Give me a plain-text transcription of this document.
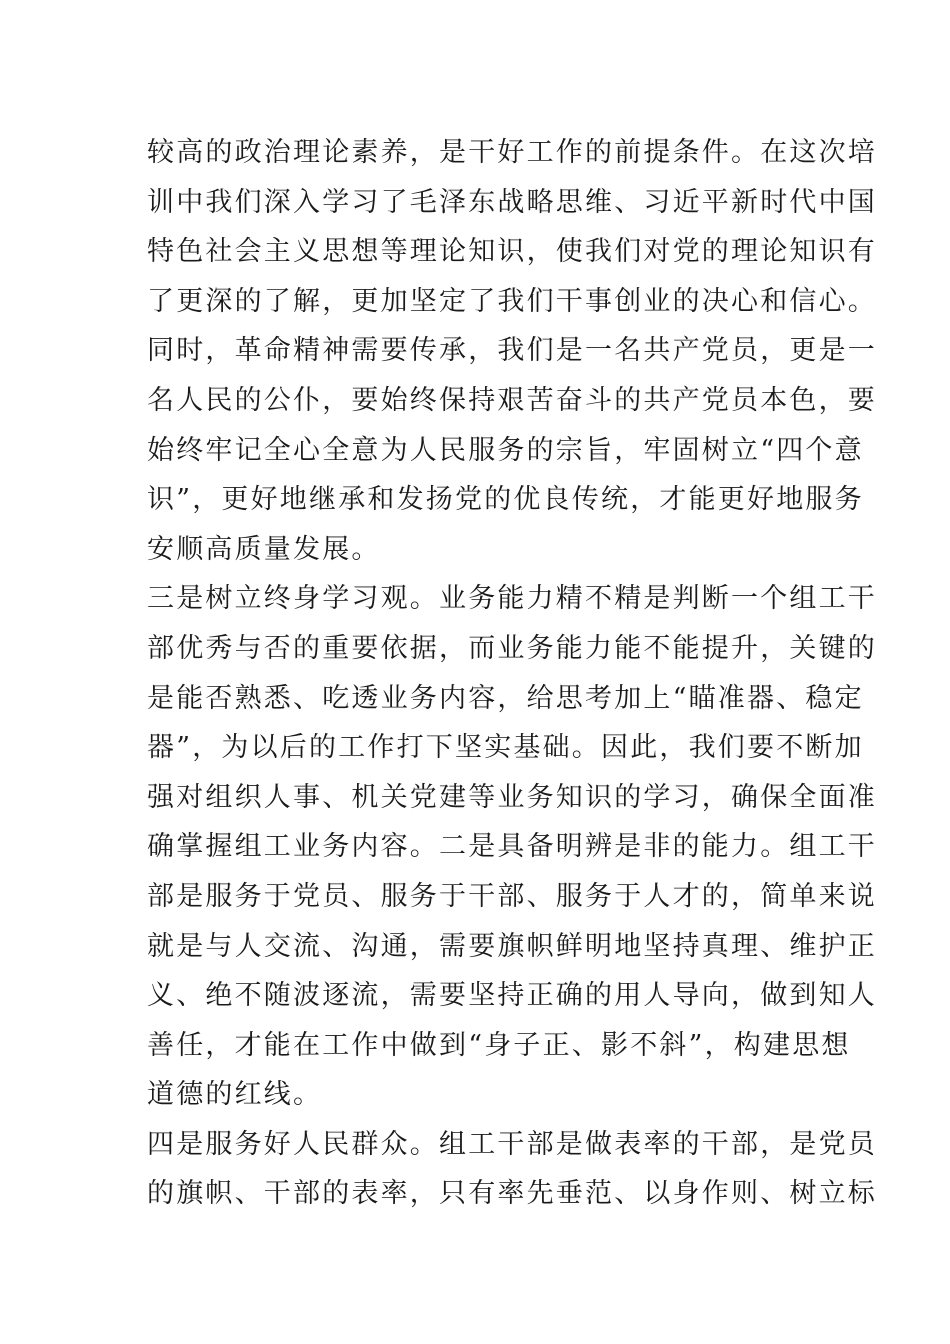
较高的政治理论素养，是干好工作的前提条件。在这次培
训中我们深入学习了毛泽东战略思维、习近平新时代中国
特色社会主义思想等理论知识，使我们对党的理论知识有
了更深的了解，更加坚定了我们干事创业的决心和信心。
同时，革命精神需要传承，我们是一名共产党员，更是一
名人民的公仆，要始终保持艰苦奋斗的共产党员本色，要
始终牢记全心全意为人民服务的宗旨，牢固树立“四个意
识”，更好地继承和发扬党的优良传统，才能更好地服务
安顺高质量发展。
三是树立终身学习观。业务能力精不精是判断一个组工干
部优秀与否的重要依据，而业务能力能不能提升，关键的
是能否熟悉、吃透业务内容，给思考加上“瞄准器、稳定
器”，为以后的工作打下坚实基础。因此，我们要不断加
强对组织人事、机关党建等业务知识的学习，确保全面准
确掌握组工业务内容。二是具备明辨是非的能力。组工干
部是服务于党员、服务于干部、服务于人才的，简单来说
就是与人交流、沟通，需要旗帜鲜明地坚持真理、维护正
义、绝不随波逐流，需要坚持正确的用人导向，做到知人
善任，才能在工作中做到“身子正、影不斜”，构建思想
道德的红线。
四是服务好人民群众。组工干部是做表率的干部，是党员
的旗帜、干部的表率，只有率先垂范、以身作则、树立标
